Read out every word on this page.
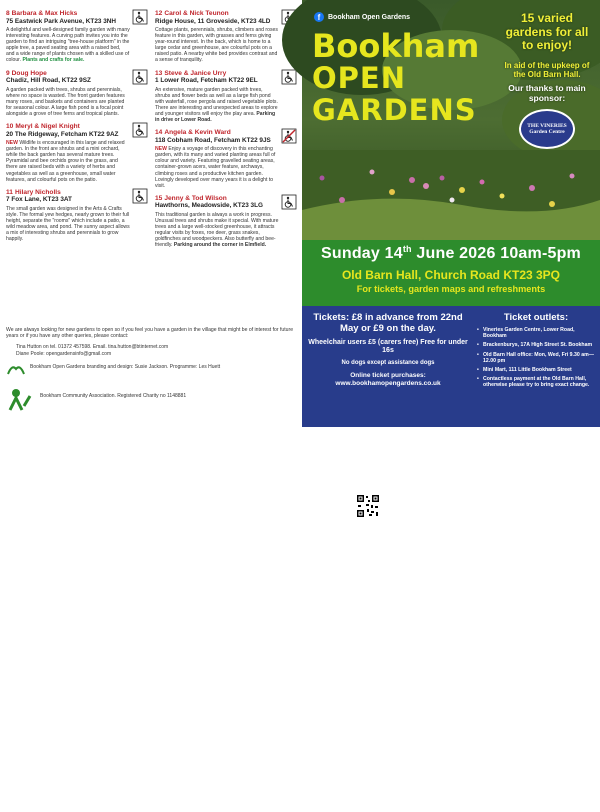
8 Barbara & Max Hicks
75 Eastwick Park Avenue, KT23 3NH
A delightful and well-designed family garden with many interesting features. A curving path invites you into the garden to find an intriguing "tree-house platform" in the apple tree, a paved seating area with a raised bed, and a wide range of plants chosen with a skilled use of colour. Plants and crafts for sale.
9 Doug Hope
Chadiz, Hill Road, KT22 9SZ
A garden packed with trees, shrubs and perennials, where no space is wasted. The front garden features many roses, and baskets and containers are planted for seasonal colour. A large fish pond is a focal point alongside a grove of tree ferns and tropical plants.
10 Meryl & Nigel Knight
20 The Ridgeway, Fetcham KT22 9AZ
NEW Wildlife is encouraged in this large and relaxed garden. In the front are shrubs and a mini orchard, while the back garden has several mature trees. Pyramidal and bee orchids grow in the grass, and there are raised beds with a variety of herbs and vegetables as well as a greenhouse, small water features, and colourful pots on the patio.
11 Hilary Nicholls
7 Fox Lane, KT23 3AT
The small garden was designed in the Arts & Crafts style. The formal yew hedges, nearly grown to their full height, separate the "rooms" which include a patio, a wild meadow area, and pond. The sunny aspect allows a mix of interesting shrubs and perennials to grow happily.
12 Carol & Nick Teunon
Ridge House, 11 Groveside, KT23 4LD
Cottage plants, perennials, shrubs, climbers and roses feature in this garden, with grasses and ferns giving year-round interest. In the back, which is home to a large cedar and greenhouse, are colourful pots on a raised patio. A nearby white bed provides contrast and a sense of tranquility.
13 Steve & Janice Urry
1 Lower Road, Fetcham KT22 9EL
An extensive, mature garden packed with trees, shrubs and flower beds as well as a large fish pond with waterfall, rose pergola and raised vegetable plots. There are interesting and unexpected areas to explore and younger visitors will enjoy the play area. Parking in drive or Lower Road.
14 Angela & Kevin Ward
118 Cobham Road, Fetcham KT22 9JS
NEW Enjoy a voyage of discovery in this enchanting garden, with its many and varied planting areas full of colour and variety. Featuring gravelled seating areas, container-grown acers, water feature, archways, climbing roses and a productive kitchen garden. Lovingly developed over many years it is a delight to visit.
15 Jenny & Tod Wilson
Hawthorns, Meadowside, KT23 3LG
This traditional garden is always a work in progress. Unusual trees and shrubs make it special. With mature trees and a large well-stocked greenhouse, it attracts regular visits by foxes, roe deer, grass snakes, goldfinches and woodpeckers. Also butterfly and bee-friendly. Parking around the corner in Elmfield.
We are always looking for new gardens to open so if you feel you have a garden in the village that might be of interest for future years or if you have any other queries, please contact:
Tina Hutton on tel. 01372 457598. Email. tina.hutton@btinternet.com
Diane Poole: opengardensinfo@gmail.com
Bookham Open Gardens branding and design: Susie Jackson. Programme: Les Huett
Bookham Community Association. Registered Charity no 1148881
f	Bookham Open Gardens
Bookham
OPEN
GARDENS
15 varied gardens for all to enjoy!
In aid of the upkeep of the Old Barn Hall.
Our thanks to main sponsor:
THE VINERIES Garden Centre
Sunday 14th June 2026 10am-5pm
Old Barn Hall, Church Road KT23 3PQ
For tickets, garden maps and refreshments
Tickets: £8 in advance from 22nd May or £9 on the day.
Wheelchair users £5 (carers free) Free for under 16s
No dogs except assistance dogs
Online ticket purchases: www.bookhamopengardens.co.uk
Ticket outlets:
• Vineries Garden Centre, Lower Road, Bookham
• Brackenburys, 17A High Street St. Bookham
• Old Barn Hall office: Mon, Wed, Fri 9.30 am—12.00 pm
• Mini Mart, 111 Little Bookham Street
• Contactless payment at the Old Barn Hall, otherwise please try to bring exact change.
Also supported by: DB Designs, Patrick Gardner & Co Estate Agents, Rohallion Security and Surex Surfacing Ltd.
